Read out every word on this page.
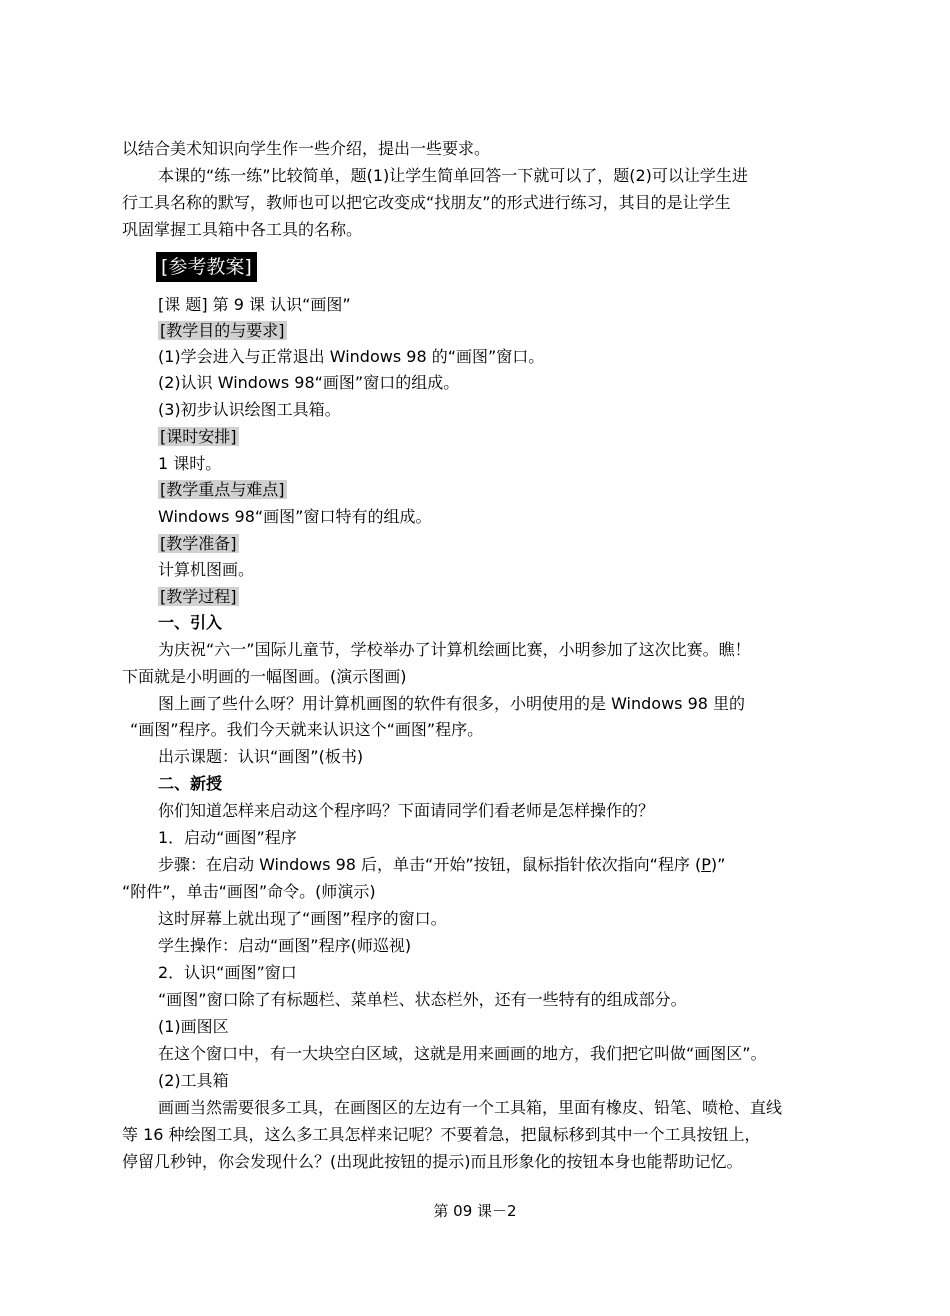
以结合美术知识向学生作一些介绍，提出一些要求。
本课的“练一练”比较简单，题(1)让学生简单回答一下就可以了，题(2)可以让学生进
行工具名称的默写，教师也可以把它改变成“找朋友”的形式进行练习，其目的是让学生
巩固掌握工具箱中各工具的名称。
[参考教案]
[课 题] 第 9 课 认识“画图”
[教学目的与要求]
(1)学会进入与正常退出 Windows 98 的“画图”窗口。
(2)认识 Windows 98“画图”窗口的组成。
(3)初步认识绘图工具箱。
[课时安排]
1 课时。
[教学重点与难点]
Windows 98“画图”窗口特有的组成。
[教学准备]
计算机图画。
[教学过程]
一、引入
为庆祝“六一”国际儿童节，学校举办了计算机绘画比赛，小明参加了这次比赛。瞧！
下面就是小明画的一幅图画。(演示图画)
图上画了些什么呀？用计算机画图的软件有很多，小明使用的是 Windows 98 里的
“画图”程序。我们今天就来认识这个“画图”程序。
出示课题：认识“画图”(板书)
二、新授
你们知道怎样来启动这个程序吗？下面请同学们看老师是怎样操作的？
1．启动“画图”程序
步骤：在启动 Windows 98 后，单击“开始”按钮，鼠标指针依次指向“程序 (P)”
“附件”，单击“画图”命令。(师演示)
这时屏幕上就出现了“画图”程序的窗口。
学生操作：启动“画图”程序(师巡视)
2．认识“画图”窗口
“画图”窗口除了有标题栏、菜单栏、状态栏外，还有一些特有的组成部分。
(1)画图区
在这个窗口中，有一大块空白区域，这就是用来画画的地方，我们把它叫做“画图区”。
(2)工具箱
画画当然需要很多工具，在画图区的左边有一个工具箱，里面有橡皮、铅笔、喷枪、直线
等 16 种绘图工具，这么多工具怎样来记呢？不要着急，把鼠标移到其中一个工具按钮上，
停留几秒钟，你会发现什么？(出现此按钮的提示)而且形象化的按钮本身也能帮助记忆。
第 09 课－2
